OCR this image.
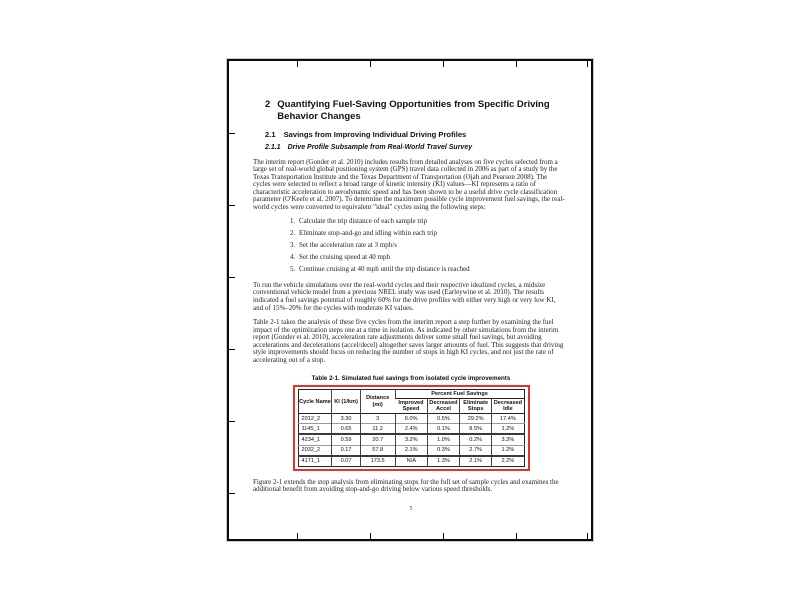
2 Quantifying Fuel-Saving Opportunities from Specific Driving Behavior Changes
2.1 Savings from Improving Individual Driving Profiles
2.1.1 Drive Profile Subsample from Real-World Travel Survey

The interim report (Gonder et al. 2010) includes results from detailed analyses on five cycles selected from a large set of real-world global positioning system (GPS) travel data collected in 2006 as part of a study by the Texas Transportation Institute and the Texas Department of Transportation (Ojah and Pearson 2008). The cycles were selected to reflect a broad range of kinetic intensity (KI) values—KI represents a ratio of characteristic acceleration to aerodynamic speed and has been shown to be a useful drive cycle classification parameter (O'Keefe et al. 2007). To determine the maximum possible cycle improvement fuel savings, the real-world cycles were converted to equivalent "ideal" cycles using the following steps:

1. Calculate the trip distance of each sample trip
2. Eliminate stop-and-go and idling within each trip
3. Set the acceleration rate at 3 mph/s
4. Set the cruising speed at 40 mph
5. Continue cruising at 40 mph until the trip distance is reached

To run the vehicle simulations over the real-world cycles and their respective idealized cycles, a midsize conventional vehicle model from a previous NREL study was used (Earleywine et al. 2010). The results indicated a fuel savings potential of roughly 60% for the drive profiles with either very high or very low KI, and of 15%–20% for the cycles with moderate KI values.

Table 2-1 takes the analysis of these five cycles from the interim report a step further by examining the fuel impact of the optimization steps one at a time in isolation. As indicated by other simulations from the interim report (Gonder et al. 2010), acceleration rate adjustments deliver some small fuel savings, but avoiding accelerations and decelerations (accel/decel) altogether saves larger amounts of fuel. This suggests that driving style improvements should focus on reducing the number of stops in high KI cycles, and not just the rate of accelerating out of a stop.

Table 2-1. Simulated fuel savings from isolated cycle improvements
Cycle Name	KI (1/km)	Distance (mi)	Percent Fuel Savings			
			Improved Speed	Decreased Accel	Eliminate Stops	Decreased Idle
2012_2	3.30	3	6.0%	0.5%	29.2%	17.4%
1145_1	0.65	11.2	2.4%	0.1%	8.5%	1.2%
4234_1	0.59	20.7	3.2%	1.0%	0.2%	3.3%
2032_2	0.17	57.8	2.1%	0.3%	2.7%	1.2%
4171_1	0.07	173.5	N/A	1.3%	2.1%	2.2%

Figure 2-1 extends the stop analysis from eliminating stops for the full set of sample cycles and examines the additional benefit from avoiding stop-and-go driving below various speed thresholds.

5
